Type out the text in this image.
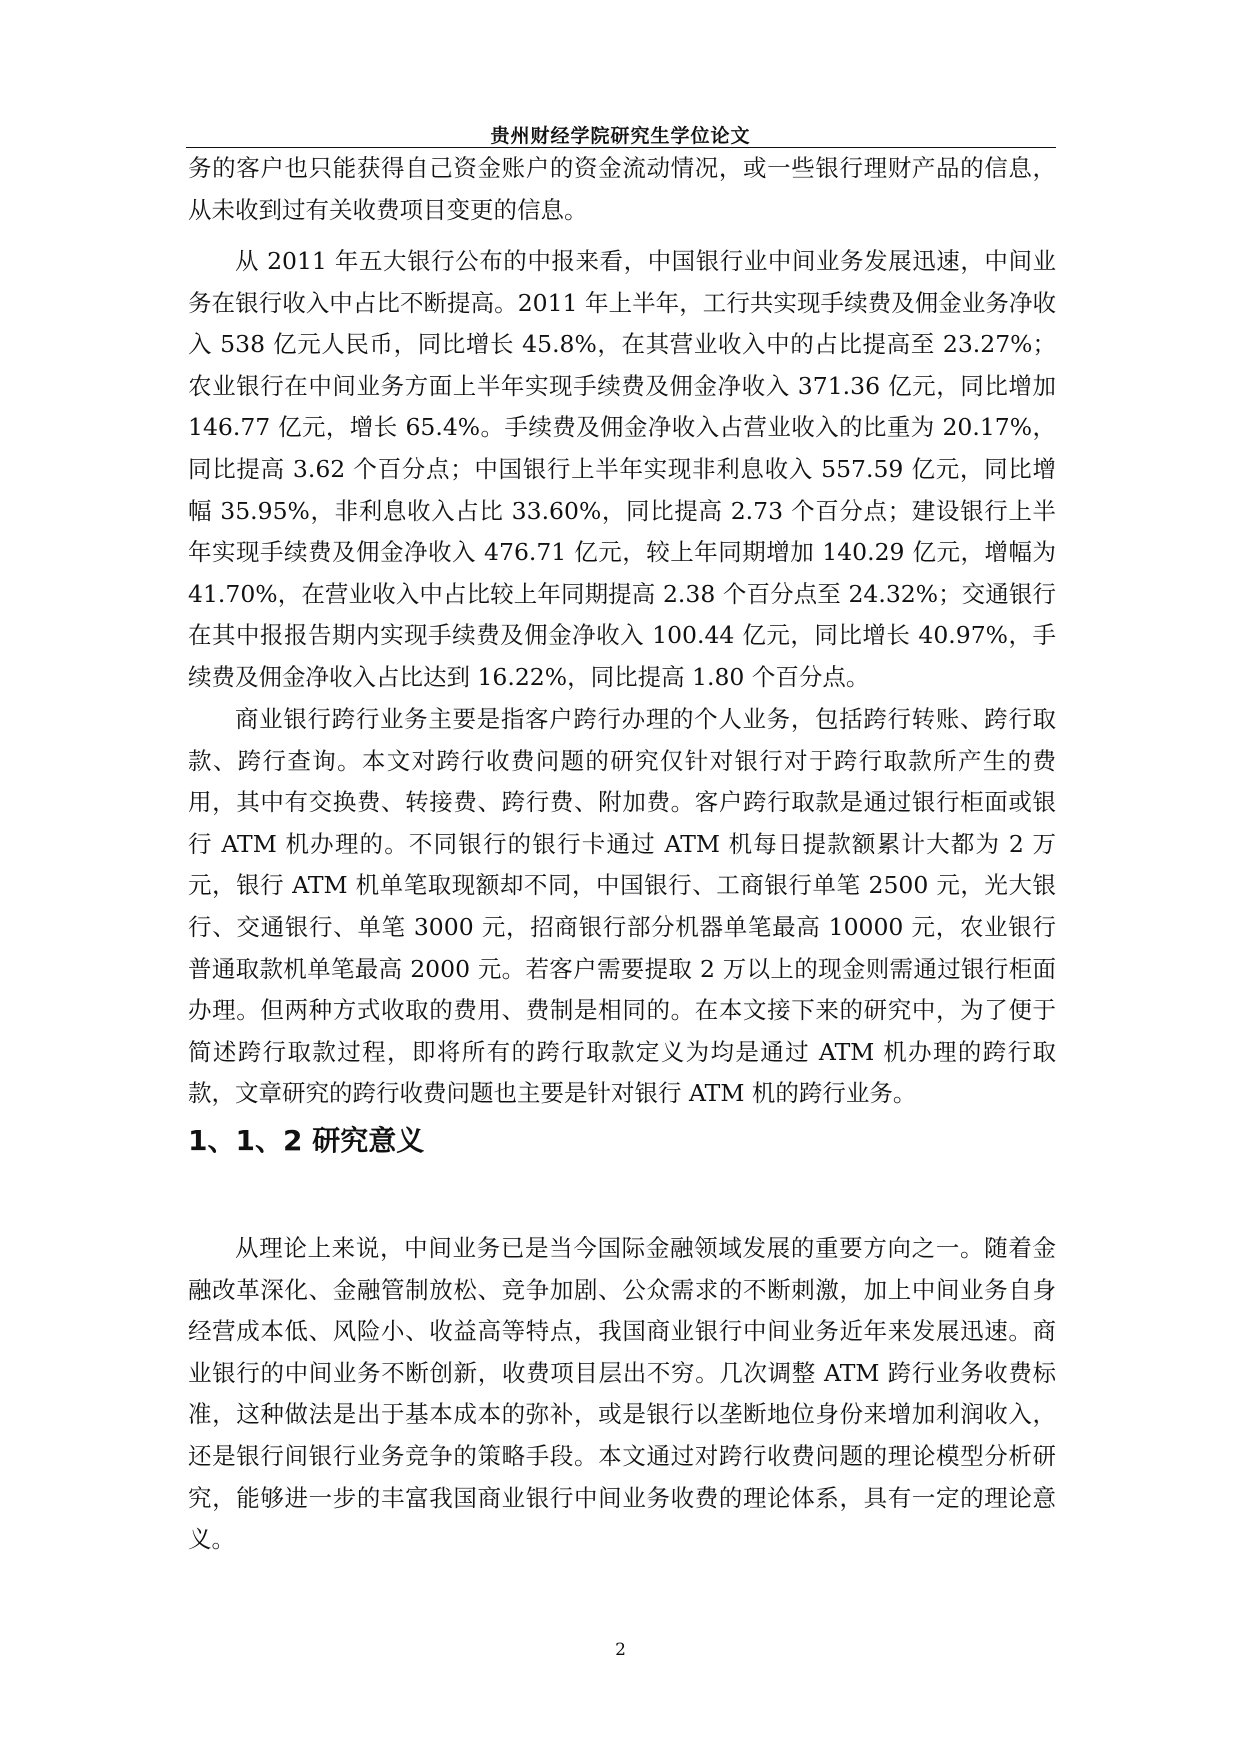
贵州财经学院研究生学位论文

务的客户也只能获得自己资金账户的资金流动情况，或一些银行理财产品的信息，从未收到过有关收费项目变更的信息。

从 2011 年五大银行公布的中报来看，中国银行业中间业务发展迅速，中间业务在银行收入中占比不断提高。2011 年上半年，工行共实现手续费及佣金业务净收入 538 亿元人民币，同比增长 45.8%，在其营业收入中的占比提高至 23.27%；农业银行在中间业务方面上半年实现手续费及佣金净收入 371.36 亿元，同比增加 146.77 亿元，增长 65.4%。手续费及佣金净收入占营业收入的比重为 20.17%，同比提高 3.62 个百分点；中国银行上半年实现非利息收入 557.59 亿元，同比增幅 35.95%，非利息收入占比 33.60%，同比提高 2.73 个百分点；建设银行上半年实现手续费及佣金净收入 476.71 亿元，较上年同期增加 140.29 亿元，增幅为 41.70%，在营业收入中占比较上年同期提高 2.38 个百分点至 24.32%；交通银行在其中报报告期内实现手续费及佣金净收入 100.44 亿元，同比增长 40.97%，手续费及佣金净收入占比达到 16.22%，同比提高 1.80 个百分点。

商业银行跨行业务主要是指客户跨行办理的个人业务，包括跨行转账、跨行取款、跨行查询。本文对跨行收费问题的研究仅针对银行对于跨行取款所产生的费用，其中有交换费、转接费、跨行费、附加费。客户跨行取款是通过银行柜面或银行 ATM 机办理的。不同银行的银行卡通过 ATM 机每日提款额累计大都为 2 万元，银行 ATM 机单笔取现额却不同，中国银行、工商银行单笔 2500 元，光大银行、交通银行、单笔 3000 元，招商银行部分机器单笔最高 10000 元，农业银行普通取款机单笔最高 2000 元。若客户需要提取 2 万以上的现金则需通过银行柜面办理。但两种方式收取的费用、费制是相同的。在本文接下来的研究中，为了便于简述跨行取款过程，即将所有的跨行取款定义为均是通过 ATM 机办理的跨行取款，文章研究的跨行收费问题也主要是针对银行 ATM 机的跨行业务。

1、1、2 研究意义

从理论上来说，中间业务已是当今国际金融领域发展的重要方向之一。随着金融改革深化、金融管制放松、竞争加剧、公众需求的不断刺激，加上中间业务自身经营成本低、风险小、收益高等特点，我国商业银行中间业务近年来发展迅速。商业银行的中间业务不断创新，收费项目层出不穷。几次调整 ATM 跨行业务收费标准，这种做法是出于基本成本的弥补，或是银行以垄断地位身份来增加利润收入，还是银行间银行业务竞争的策略手段。本文通过对跨行收费问题的理论模型分析研究，能够进一步的丰富我国商业银行中间业务收费的理论体系，具有一定的理论意义。

2
